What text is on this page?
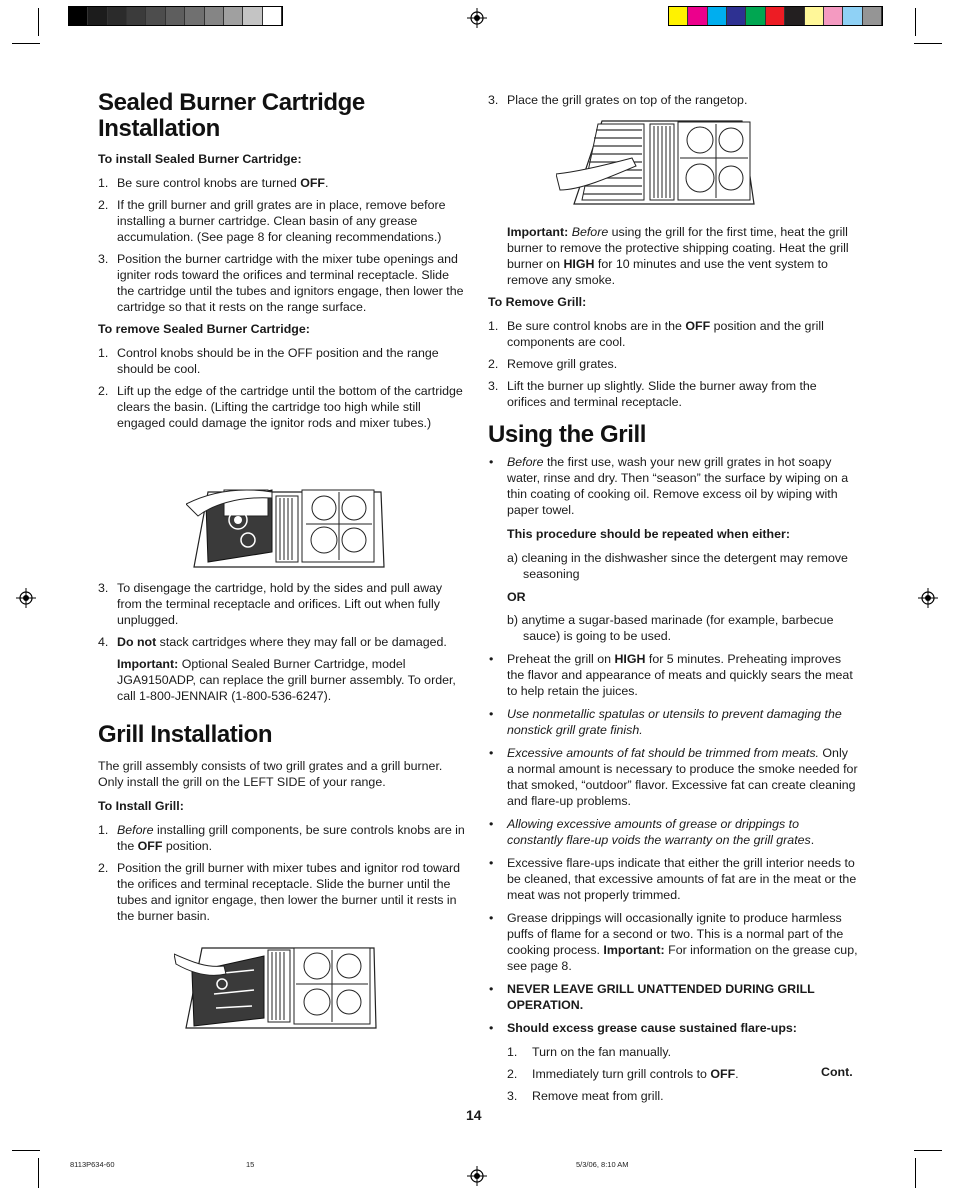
Sealed Burner Cartridge
Installation
To install Sealed Burner Cartridge:
1. Be sure control knobs are turned OFF.
2. If the grill burner and grill grates are in place, remove before installing a burner cartridge. Clean basin of any grease accumulation. (See page 8 for cleaning recommendations.)
3. Position the burner cartridge with the mixer tube openings and igniter rods toward the orifices and terminal receptacle. Slide the cartridge until the tubes and ignitors engage, then lower the cartridge so that it rests on the range surface.
To remove Sealed Burner Cartridge:
1. Control knobs should be in the OFF position and the range should be cool.
2. Lift up the edge of the cartridge until the bottom of the cartridge clears the basin. (Lifting the cartridge too high while still engaged could damage the ignitor rods and mixer tubes.)
3. To disengage the cartridge, hold by the sides and pull away from the terminal receptacle and orifices. Lift out when fully unplugged.
4. Do not stack cartridges where they may fall or be damaged.
Important: Optional Sealed Burner Cartridge, model JGA9150ADP, can replace the grill burner assembly. To order, call 1-800-JENNAIR (1-800-536-6247).
Grill Installation
The grill assembly consists of two grill grates and a grill burner. Only install the grill on the LEFT SIDE of your range.
To Install Grill:
1. Before installing grill components, be sure controls knobs are in the OFF position.
2. Position the grill burner with mixer tubes and ignitor rod toward the orifices and terminal receptacle. Slide the burner until the tubes and ignitor engage, then lower the burner until it rests in the burner basin.
3. Place the grill grates on top of the rangetop.
Important: Before using the grill for the first time, heat the grill burner to remove the protective shipping coating. Heat the grill burner on HIGH for 10 minutes and use the vent system to remove any smoke.
To Remove Grill:
1. Be sure control knobs are in the OFF position and the grill components are cool.
2. Remove grill grates.
3. Lift the burner up slightly. Slide the burner away from the orifices and terminal receptacle.
Using the Grill
• Before the first use, wash your new grill grates in hot soapy water, rinse and dry. Then “season” the surface by wiping on a thin coating of cooking oil. Remove excess oil by wiping with paper towel.
This procedure should be repeated when either:
a) cleaning in the dishwasher since the detergent may remove seasoning
OR
b) anytime a sugar-based marinade (for example, barbecue sauce) is going to be used.
• Preheat the grill on HIGH for 5 minutes. Preheating improves the flavor and appearance of meats and quickly sears the meat to help retain the juices.
• Use nonmetallic spatulas or utensils to prevent damaging the nonstick grill grate finish.
• Excessive amounts of fat should be trimmed from meats. Only a normal amount is necessary to produce the smoke needed for that smoked, “outdoor” flavor. Excessive fat can create cleaning and flare-up problems.
• Allowing excessive amounts of grease or drippings to constantly flare-up voids the warranty on the grill grates.
• Excessive flare-ups indicate that either the grill interior needs to be cleaned, that excessive amounts of fat are in the meat or the meat was not properly trimmed.
• Grease drippings will occasionally ignite to produce harmless puffs of flame for a second or two. This is a normal part of the cooking process. Important: For information on the grease cup, see page 8.
• NEVER LEAVE GRILL UNATTENDED DURING GRILL OPERATION.
• Should excess grease cause sustained flare-ups:
1. Turn on the fan manually.
2. Immediately turn grill controls to OFF.
3. Remove meat from grill.
Cont.
14
8113P634-60	15	5/3/06, 8:10 AM
